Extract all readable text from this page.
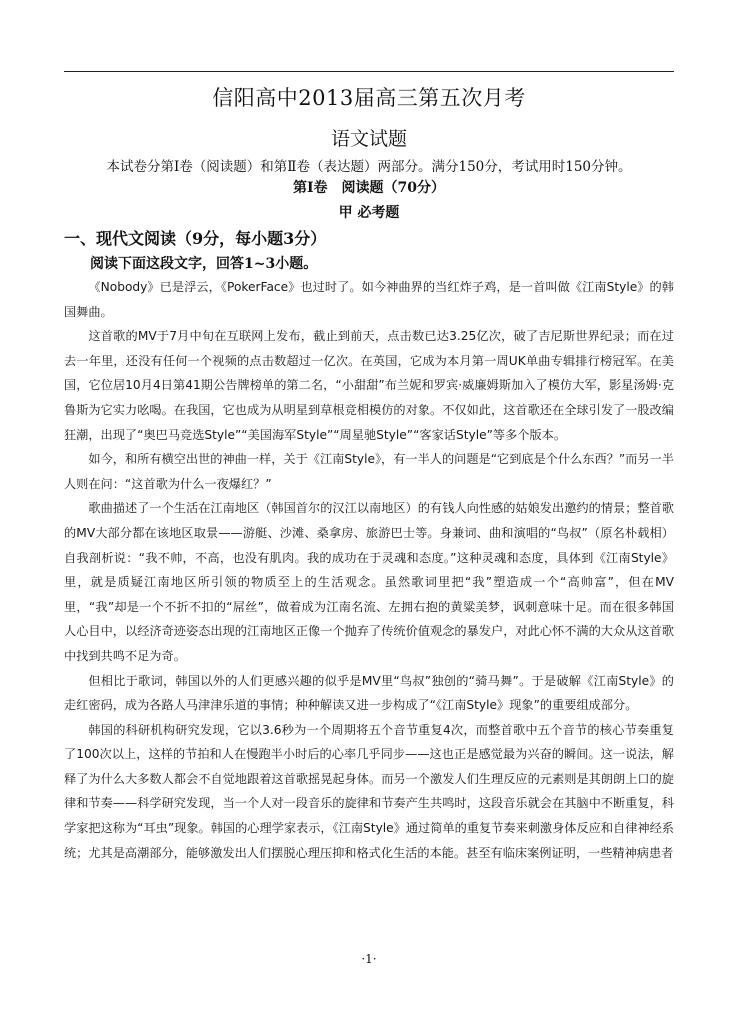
信阳高中2013届高三第五次月考
语文试题
本试卷分第Ⅰ卷（阅读题）和第Ⅱ卷（表达题）两部分。满分150分，考试用时150分钟。
第Ⅰ卷　阅读题（70分）
甲 必考题
一、现代文阅读（9分，每小题3分）
阅读下面这段文字，回答1~3小题。

《Nobody》已是浮云，《PokerFace》也过时了。如今神曲界的当红炸子鸡，是一首叫做《江南Style》的韩国舞曲。

这首歌的MV于7月中旬在互联网上发布，截止到前天，点击数已达3.25亿次，破了吉尼斯世界纪录；而在过去一年里，还没有任何一个视频的点击数超过一亿次。在英国，它成为本月第一周UK单曲专辑排行榜冠军。在美国，它位居10月4日第41期公告牌榜单的第二名，“小甜甜”布兰妮和罗宾·威廉姆斯加入了模仿大军，影星汤姆·克鲁斯为它实力吆喝。在我国，它也成为从明星到草根竞相模仿的对象。不仅如此，这首歌还在全球引发了一股改编狂潮，出现了“奥巴马竞选Style”“美国海军Style”“周星驰Style”“客家话Style”等多个版本。

如今，和所有横空出世的神曲一样，关于《江南Style》，有一半人的问题是“它到底是个什么东西？”而另一半人则在问：“这首歌为什么一夜爆红？”

歌曲描述了一个生活在江南地区（韩国首尔的汉江以南地区）的有钱人向性感的姑娘发出邀约的情景；整首歌的MV大部分都在该地区取景——游艇、沙滩、桑拿房、旅游巴士等。身兼词、曲和演唱的“鸟叔”（原名朴载相）自我剖析说：“我不帅，不高，也没有肌肉。我的成功在于灵魂和态度。”这种灵魂和态度，具体到《江南Style》里，就是质疑江南地区所引领的物质至上的生活观念。虽然歌词里把“我”塑造成一个“高帅富”，但在MV里，“我”却是一个不折不扣的“屌丝”，做着成为江南名流、左拥右抱的黄粱美梦，讽刺意味十足。而在很多韩国人心目中，以经济奇迹姿态出现的江南地区正像一个抛弃了传统价值观念的暴发户，对此心怀不满的大众从这首歌中找到共鸣不足为奇。

但相比于歌词，韩国以外的人们更感兴趣的似乎是MV里“鸟叔”独创的“骑马舞”。于是破解《江南Style》的走红密码，成为各路人马津津乐道的事情；种种解读又进一步构成了“《江南Style》现象”的重要组成部分。

韩国的科研机构研究发现，它以3.6秒为一个周期将五个音节重复4次，而整首歌中五个音节的核心节奏重复了100次以上，这样的节拍和人在慢跑半小时后的心率几乎同步——这也正是感觉最为兴奋的瞬间。这一说法，解释了为什么大多数人都会不自觉地跟着这首歌摇晃起身体。而另一个激发人们生理反应的元素则是其朗朗上口的旋律和节奏——科学研究发现，当一个人对一段音乐的旋律和节奏产生共鸣时，这段音乐就会在其脑中不断重复，科学家把这称为“耳虫”现象。韩国的心理学家表示，《江南Style》通过简单的重复节奏来刺激身体反应和自律神经系统；尤其是高潮部分，能够激发出人们摆脱心理压抑和格式化生活的本能。甚至有临床案例证明，一些精神病患者

·1·
